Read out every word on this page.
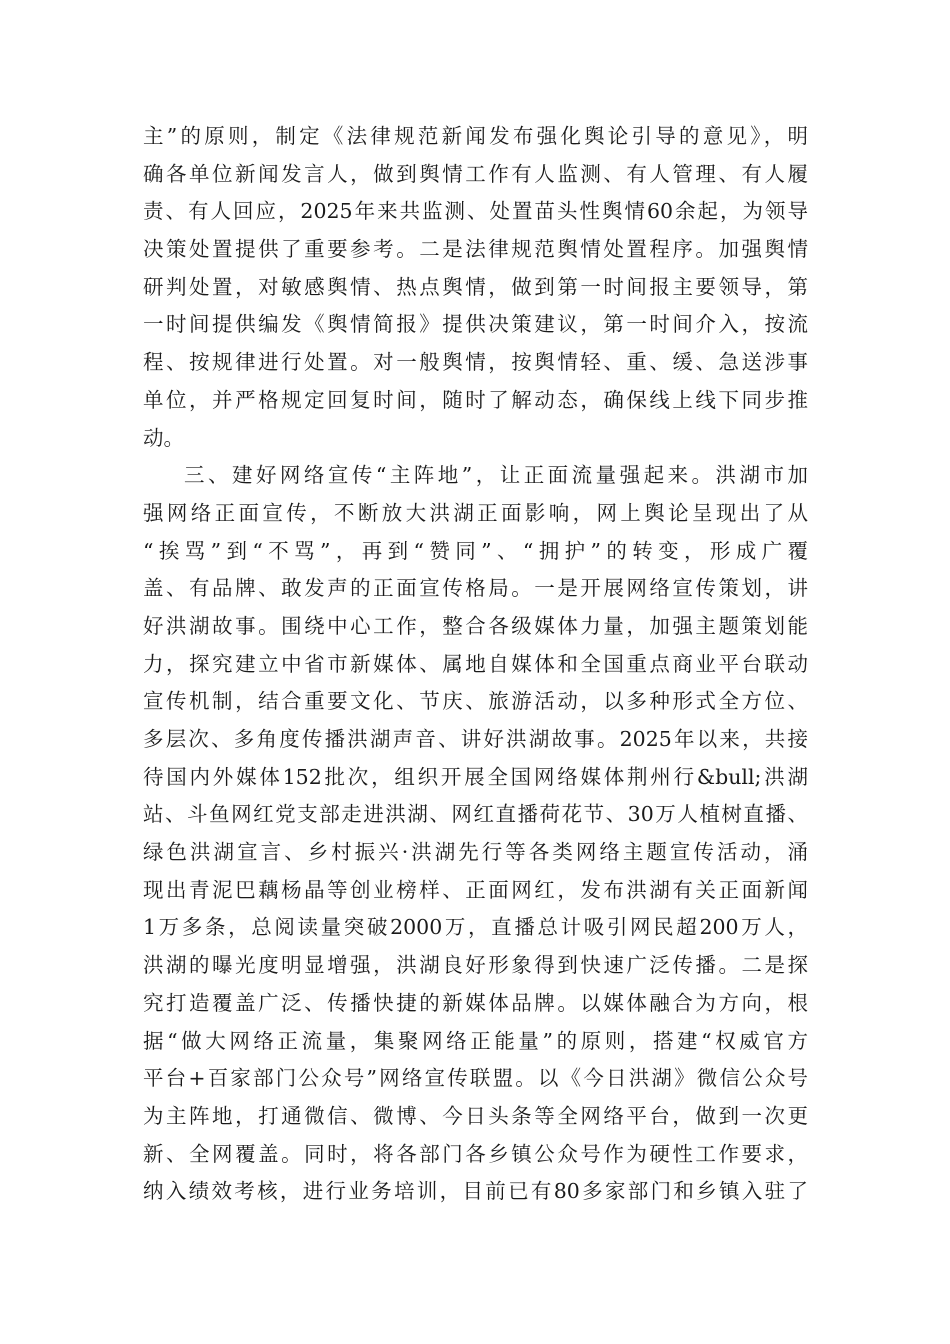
主”的原则，制定《法律规范新闻发布强化舆论引导的意见》，明
确各单位新闻发言人，做到舆情工作有人监测、有人管理、有人履
责、有人回应，2025年来共监测、处置苗头性舆情60余起，为领导
决策处置提供了重要参考。二是法律规范舆情处置程序。加强舆情
研判处置，对敏感舆情、热点舆情，做到第一时间报主要领导，第
一时间提供编发《舆情简报》提供决策建议，第一时间介入，按流
程、按规律进行处置。对一般舆情，按舆情轻、重、缓、急送涉事
单位，并严格规定回复时间，随时了解动态，确保线上线下同步推
动。
三、建好网络宣传“主阵地”，让正面流量强起来。洪湖市加
强网络正面宣传，不断放大洪湖正面影响，网上舆论呈现出了从
“挨骂”到“不骂”，再到“赞同”、“拥护”的转变，形成广覆
盖、有品牌、敢发声的正面宣传格局。一是开展网络宣传策划，讲
好洪湖故事。围绕中心工作，整合各级媒体力量，加强主题策划能
力，探究建立中省市新媒体、属地自媒体和全国重点商业平台联动
宣传机制，结合重要文化、节庆、旅游活动，以多种形式全方位、
多层次、多角度传播洪湖声音、讲好洪湖故事。2025年以来，共接
待国内外媒体152批次，组织开展全国网络媒体荆州行&bull;洪湖
站、斗鱼网红党支部走进洪湖、网红直播荷花节、30万人植树直播、
绿色洪湖宣言、乡村振兴·洪湖先行等各类网络主题宣传活动，涌
现出青泥巴藕杨晶等创业榜样、正面网红，发布洪湖有关正面新闻
1万多条，总阅读量突破2000万，直播总计吸引网民超200万人，
洪湖的曝光度明显增强，洪湖良好形象得到快速广泛传播。二是探
究打造覆盖广泛、传播快捷的新媒体品牌。以媒体融合为方向，根
据“做大网络正流量，集聚网络正能量”的原则，搭建“权威官方
平台+百家部门公众号”网络宣传联盟。以《今日洪湖》微信公众号
为主阵地，打通微信、微博、今日头条等全网络平台，做到一次更
新、全网覆盖。同时，将各部门各乡镇公众号作为硬性工作要求，
纳入绩效考核，进行业务培训，目前已有80多家部门和乡镇入驻了
